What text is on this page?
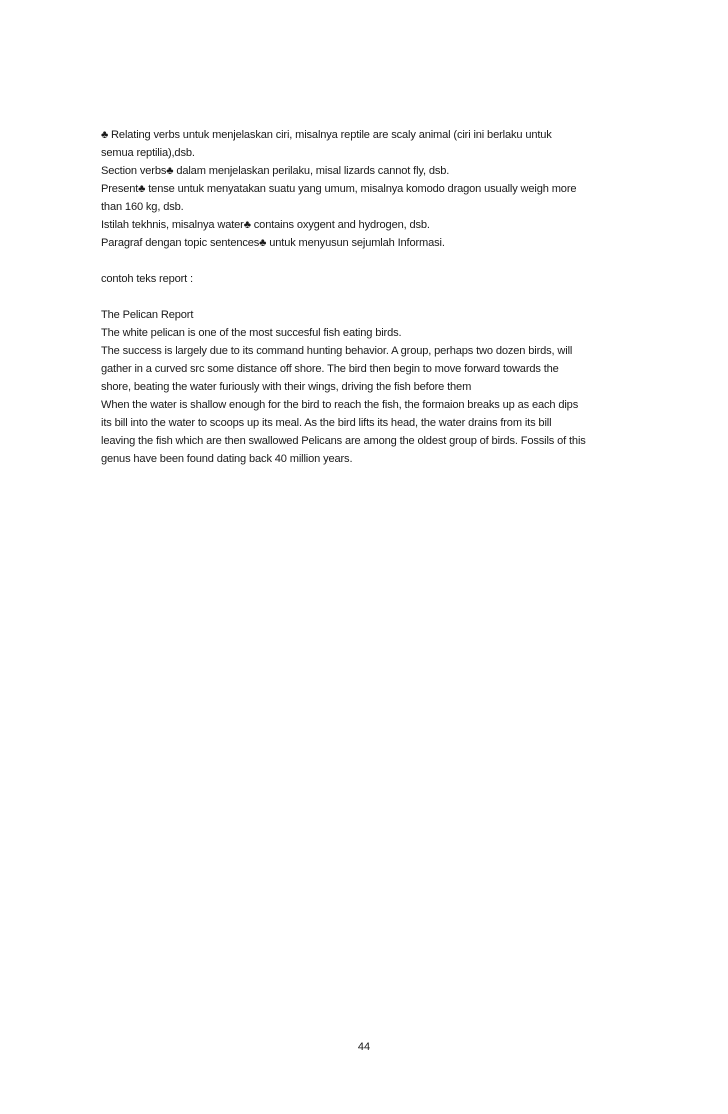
♣ Relating verbs untuk menjelaskan ciri, misalnya reptile are scaly animal (ciri ini berlaku untuk
semua reptilia),dsb.
Section verbs♣ dalam menjelaskan perilaku, misal lizards cannot fly, dsb.
Present♣ tense untuk menyatakan suatu yang umum, misalnya komodo dragon usually weigh more
than 160 kg, dsb.
Istilah tekhnis, misalnya water♣ contains oxygent and hydrogen, dsb.
Paragraf dengan topic sentences♣ untuk menyusun sejumlah Informasi.
contoh teks report :
The Pelican Report
The white pelican is one of the most succesful fish eating birds.
The success is largely due to its command hunting behavior. A group, perhaps two dozen birds, will
gather in a curved src some distance off shore. The bird then begin to move forward towards the
shore, beating the water furiously with their wings, driving the fish before them
When the water is shallow enough for the bird to reach the fish, the formaion breaks up as each dips
its bill into the water to scoops up its meal. As the bird lifts its head, the water drains from its bill
leaving the fish which are then swallowed Pelicans are among the oldest group of birds. Fossils of this
genus have been found dating back 40 million years.
44
